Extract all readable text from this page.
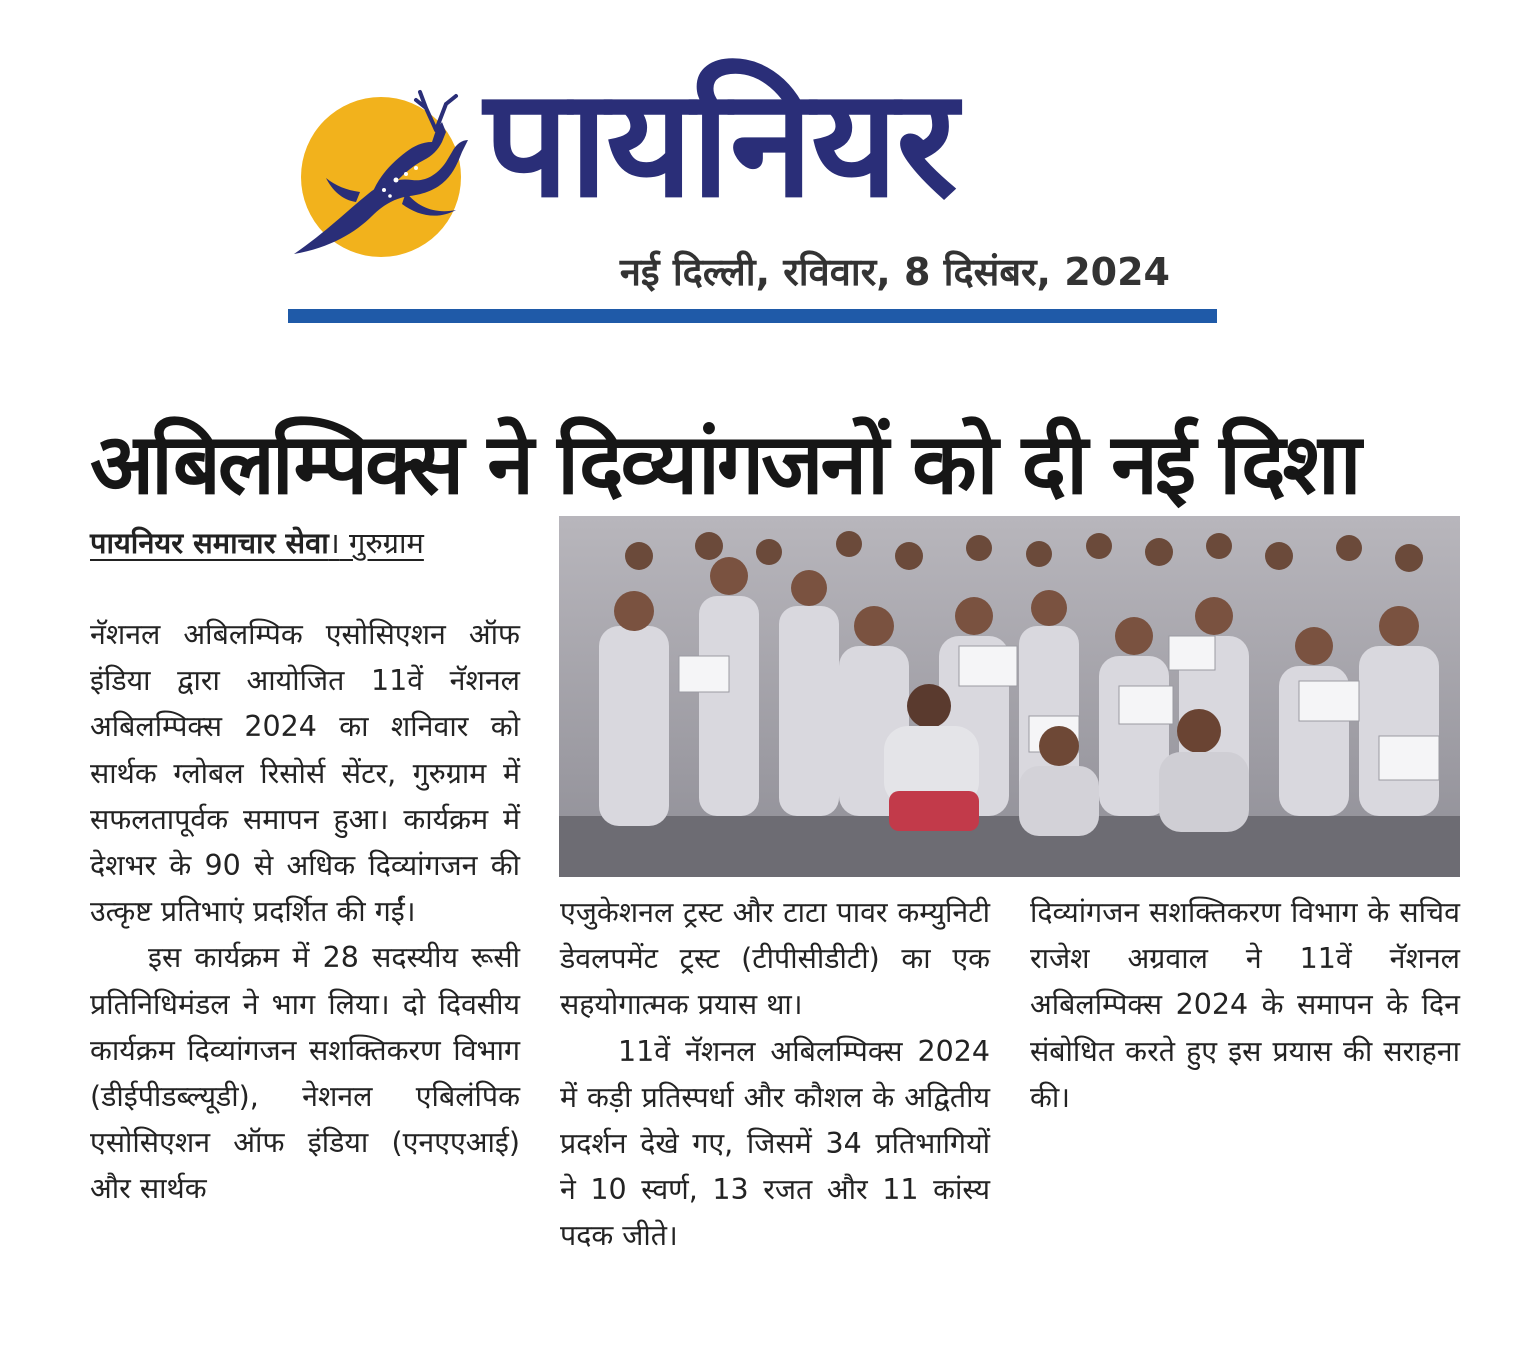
पायनियर
नई दिल्ली, रविवार, 8 दिसंबर, 2024
अबिलम्पिक्स ने दिव्यांगजनों को दी नई दिशा
पायनियर समाचार सेवा। गुरुग्राम

नॅशनल अबिलम्पिक एसोसिएशन ऑफ इंडिया द्वारा आयोजित 11वें नॅशनल अबिलम्पिक्स 2024 का शनिवार को सार्थक ग्लोबल रिसोर्स सेंटर, गुरुग्राम में सफलतापूर्वक समापन हुआ। कार्यक्रम में देशभर के 90 से अधिक दिव्यांगजन की उत्कृष्ट प्रतिभाएं प्रदर्शित की गईं।

इस कार्यक्रम में 28 सदस्यीय रूसी प्रतिनिधिमंडल ने भाग लिया। दो दिवसीय कार्यक्रम दिव्यांगजन सशक्तिकरण विभाग (डीईपीडब्ल्यूडी), नेशनल एबिलंपिक एसोसिएशन ऑफ इंडिया (एनएएआई) और सार्थक

एजुकेशनल ट्रस्ट और टाटा पावर कम्युनिटी डेवलपमेंट ट्रस्ट (टीपीसीडीटी) का एक सहयोगात्मक प्रयास था।

11वें नॅशनल अबिलम्पिक्स 2024 में कड़ी प्रतिस्पर्धा और कौशल के अद्वितीय प्रदर्शन देखे गए, जिसमें 34 प्रतिभागियों ने 10 स्वर्ण, 13 रजत और 11 कांस्य पदक जीते।

दिव्यांगजन सशक्तिकरण विभाग के सचिव राजेश अग्रवाल ने 11वें नॅशनल अबिलम्पिक्स 2024 के समापन के दिन संबोधित करते हुए इस प्रयास की सराहना की।
